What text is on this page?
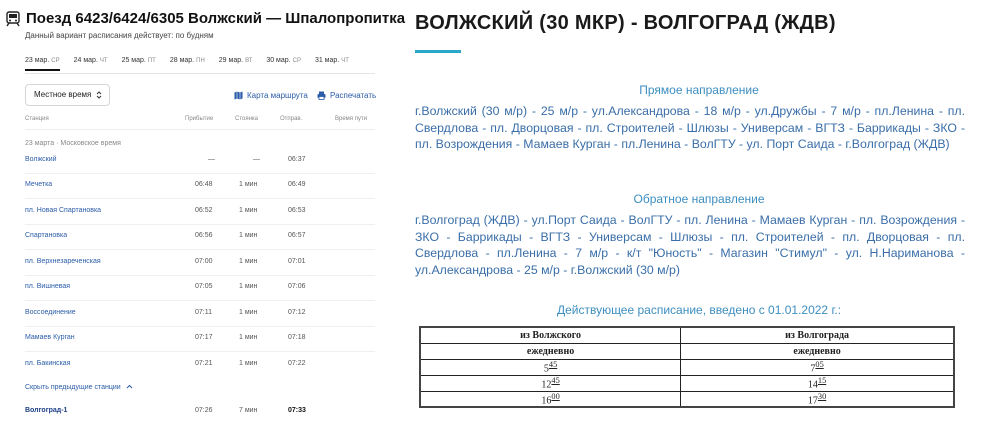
Поезд 6423/6424/6305 Волжский — Шпалопропитка
Данный вариант расписания действует: по будням
23 мар. СР 24 мар. ЧТ 25 мар. ПТ 28 мар. ПН 29 мар. ВТ 30 мар. СР 31 мар. ЧТ
Местное время	Карта маршрута	Распечатать
Станция	Прибытие	Стоянка	Отправ.	Время пути
23 марта · Московское время
Волжский	—	—	06:37
Мечетка	06:48	1 мин	06:49
пл. Новая Спартановка	06:52	1 мин	06:53
Спартановка	06:56	1 мин	06:57
пл. Верхнезареченская	07:00	1 мин	07:01
пл. Вишневая	07:05	1 мин	07:06
Воссоединение	07:11	1 мин	07:12
Мамаев Курган	07:17	1 мин	07:18
пл. Бакинская	07:21	1 мин	07:22
Скрыть предыдущие станции
Волгоград-1	07:26	7 мин	07:33
ВОЛЖСКИЙ (30 МКР) - ВОЛГОГРАД (ЖДВ)
Прямое направление
г.Волжский (30 м/р) - 25 м/р - ул.Александрова - 18 м/р - ул.Дружбы - 7 м/р - пл.Ленина - пл. Свердлова - пл. Дворцовая - пл. Строителей - Шлюзы - Универсам - ВГТЗ - Баррикады - ЗКО - пл. Возрождения - Мамаев Курган - пл.Ленина - ВолГТУ - ул. Порт Саида - г.Волгоград (ЖДВ)
Обратное направление
г.Волгоград (ЖДВ) - ул.Порт Саида - ВолГТУ - пл. Ленина - Мамаев Курган - пл. Возрождения - ЗКО - Баррикады - ВГТЗ - Универсам - Шлюзы - пл. Строителей - пл. Дворцовая - пл. Свердлова - пл.Ленина - 7 м/р - к/т "Юность" - Магазин "Стимул" - ул. Н.Наримановa - ул.Александрова - 25 м/р - г.Волжский (30 м/р)
Действующее расписание, введено с 01.01.2022 г.:
из Волжского	из Волгограда
ежедневно	ежедневно
$5^{45}$	$7^{05}$
$12^{45}$	$14^{15}$
$16^{00}$	$17^{30}$
